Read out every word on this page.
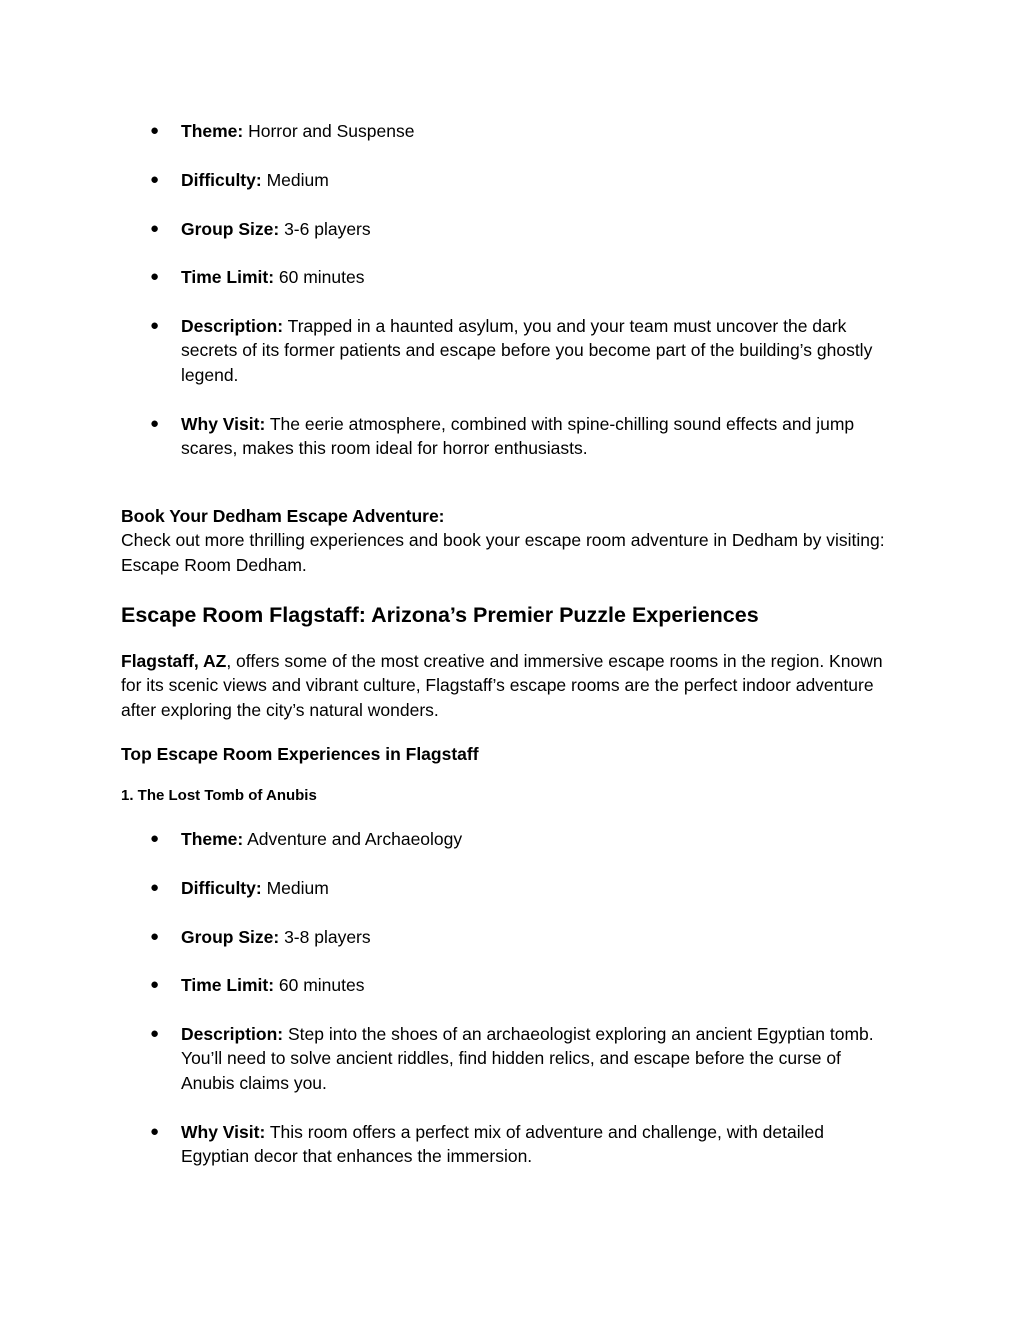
● Theme: Horror and Suspense
● Difficulty: Medium
● Group Size: 3-6 players
● Time Limit: 60 minutes
● Description: Trapped in a haunted asylum, you and your team must uncover the dark secrets of its former patients and escape before you become part of the building’s ghostly legend.
● Why Visit: The eerie atmosphere, combined with spine-chilling sound effects and jump scares, makes this room ideal for horror enthusiasts.
Book Your Dedham Escape Adventure:
Check out more thrilling experiences and book your escape room adventure in Dedham by visiting: Escape Room Dedham.
Escape Room Flagstaff: Arizona’s Premier Puzzle Experiences

Flagstaff, AZ, offers some of the most creative and immersive escape rooms in the region. Known for its scenic views and vibrant culture, Flagstaff’s escape rooms are the perfect indoor adventure after exploring the city’s natural wonders.

Top Escape Room Experiences in Flagstaff
1. The Lost Tomb of Anubis
● Theme: Adventure and Archaeology
● Difficulty: Medium
● Group Size: 3-8 players
● Time Limit: 60 minutes
● Description: Step into the shoes of an archaeologist exploring an ancient Egyptian tomb. You’ll need to solve ancient riddles, find hidden relics, and escape before the curse of Anubis claims you.
● Why Visit: This room offers a perfect mix of adventure and challenge, with detailed Egyptian decor that enhances the immersion.
